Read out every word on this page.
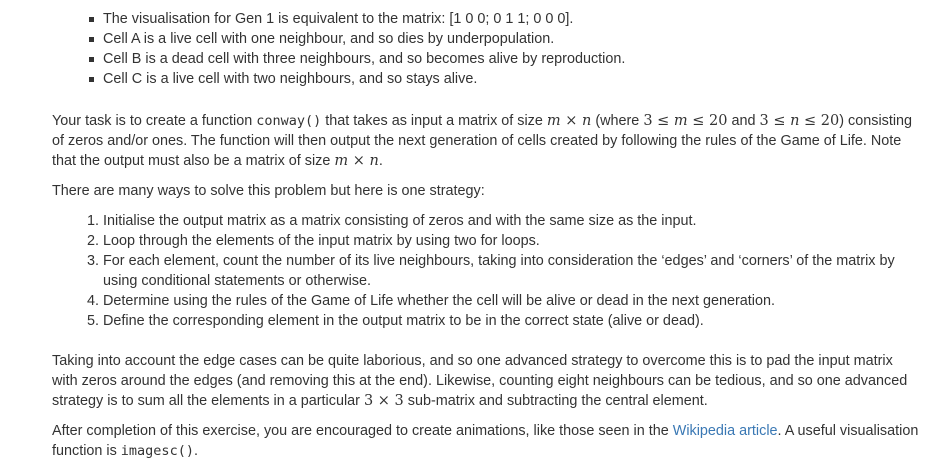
The visualisation for Gen 1 is equivalent to the matrix: [1 0 0; 0 1 1; 0 0 0].
Cell A is a live cell with one neighbour, and so dies by underpopulation.
Cell B is a dead cell with three neighbours, and so becomes alive by reproduction.
Cell C is a live cell with two neighbours, and so stays alive.

Your task is to create a function conway() that takes as input a matrix of size m × n (where 3 ≤ m ≤ 20 and 3 ≤ n ≤ 20) consisting of zeros and/or ones. The function will then output the next generation of cells created by following the rules of the Game of Life. Note that the output must also be a matrix of size m × n.

There are many ways to solve this problem but here is one strategy:

1. Initialise the output matrix as a matrix consisting of zeros and with the same size as the input.
2. Loop through the elements of the input matrix by using two for loops.
3. For each element, count the number of its live neighbours, taking into consideration the ‘edges’ and ‘corners’ of the matrix by using conditional statements or otherwise.
4. Determine using the rules of the Game of Life whether the cell will be alive or dead in the next generation.
5. Define the corresponding element in the output matrix to be in the correct state (alive or dead).

Taking into account the edge cases can be quite laborious, and so one advanced strategy to overcome this is to pad the input matrix with zeros around the edges (and removing this at the end). Likewise, counting eight neighbours can be tedious, and so one advanced strategy is to sum all the elements in a particular 3 × 3 sub-matrix and subtracting the central element.

After completion of this exercise, you are encouraged to create animations, like those seen in the Wikipedia article. A useful visualisation function is imagesc().
